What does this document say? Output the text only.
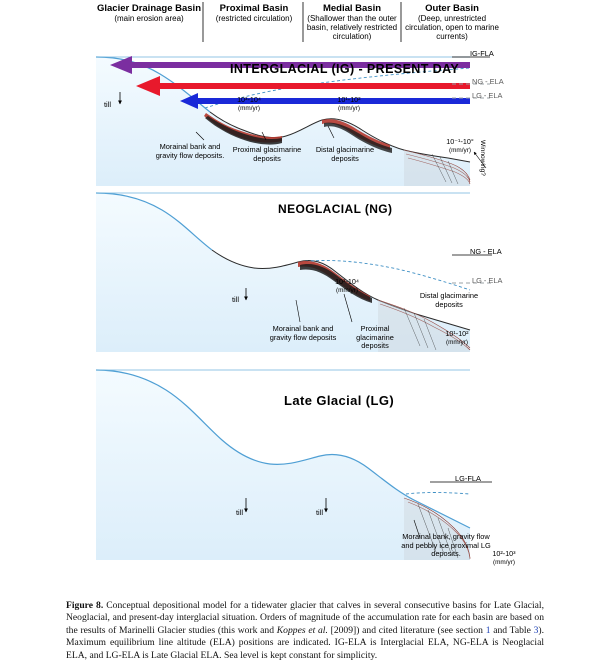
Glacier Drainage Basin
(main erosion area)
Proximal Basin
(restricted circulation)
Medial Basin
(Shallower than the outer basin, relatively restricted circulation)
Outer Basin
(Deep, unrestricted circulation, open to marine currents)
INTERGLACIAL (IG) - PRESENT DAY
NEOGLACIAL (NG)
Late Glacial (LG)
IG-FLA
NG - ELA
LG - ELA
till
10³-10⁴
(mm/yr)
10¹-10²
(mm/yr)
10⁻¹-10°
(mm/yr)	Winnowing?
Morainal bank and gravity flow deposits.
Proximal glacimarine deposits
Distal glacimarine deposits
NG - ELA
LG - ELA
till
10³-10⁴
(mm/yr)
10¹-10²
(mm/yr)
Morainal bank and gravity flow deposits
Proximal glacimarine deposits
Distal glacimarine deposits
LG-FLA
till	till
Morainal bank, gravity flow and pebbly ice proximal LG deposits.	10²-10³
(mm/yr)
Figure 8. Conceptual depositional model for a tidewater glacier that calves in several consecutive basins for Late Glacial, Neoglacial, and present-day interglacial situation. Orders of magnitude of the accumulation rate for each basin are based on the results of Marinelli Glacier studies (this work and Koppes et al. [2009]) and cited literature (see section 1 and Table 3). Maximum equilibrium line altitude (ELA) positions are indicated. IG-ELA is Interglacial ELA, NG-ELA is Neoglacial ELA, and LG-ELA is Late Glacial ELA. Sea level is kept constant for simplicity.
